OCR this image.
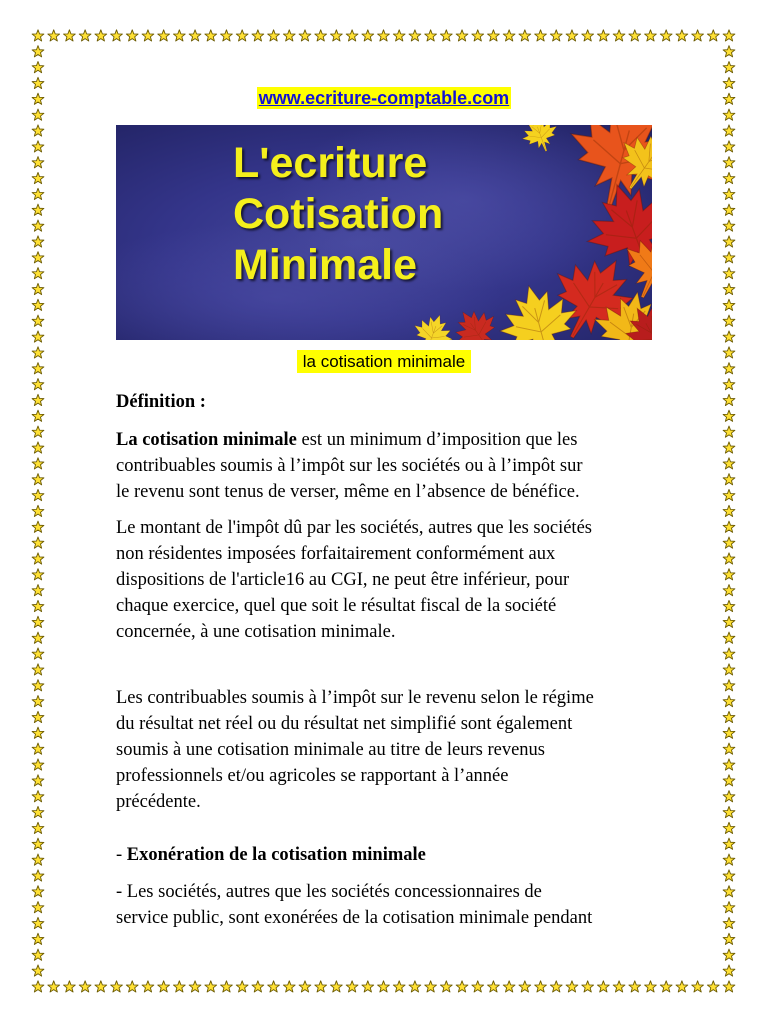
www.ecriture-comptable.com
L'ecriture
Cotisation
Minimale
la cotisation minimale
Définition :
La cotisation minimale est un minimum d’imposition que les
contribuables soumis à l’impôt sur les sociétés ou à l’impôt sur
le revenu sont tenus de verser, même en l’absence de bénéfice.
Le montant de l'impôt dû par les sociétés, autres que les sociétés
non résidentes imposées forfaitairement conformément aux
dispositions de l'article16 au CGI, ne peut être inférieur, pour
chaque exercice, quel que soit le résultat fiscal de la société
concernée, à une cotisation minimale.
Les contribuables soumis à l’impôt sur le revenu selon le régime
du résultat net réel ou du résultat net simplifié sont également
soumis à une cotisation minimale au titre de leurs revenus
professionnels et/ou agricoles se rapportant à l’année
précédente.
- Exonération de la cotisation minimale
- Les sociétés, autres que les sociétés concessionnaires de
service public, sont exonérées de la cotisation minimale pendant
